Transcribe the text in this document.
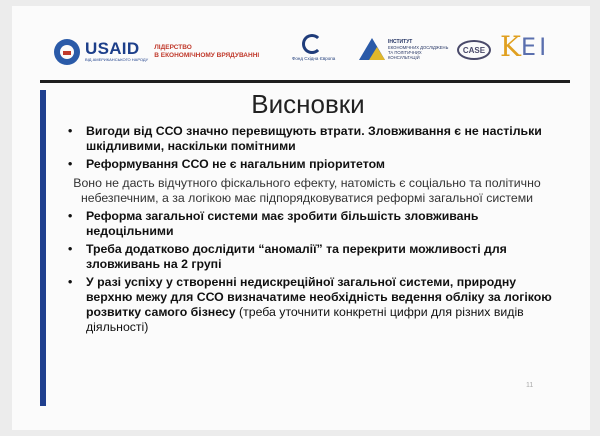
USAID
ВІД АМЕРИКАНСЬКОГО НАРОДУ
ЛІДЕРСТВО
В ЕКОНОМІЧНОМУ ВРЯДУВАННІ	Фонд Східна Європа
ІНСТИТУТ
ЕКОНОМІЧНИХ ДОСЛІДЖЕНЬ
ТА ПОЛІТИЧНИХ КОНСУЛЬТАЦІЙ
CASE K EI
Висновки
• Вигоди від ССО значно перевищують втрати. Зловживання є не настільки шкідливими, наскільки помітними
• Реформування ССО не є нагальним пріоритетом
Воно не дасть відчутного фіскального ефекту, натомість є соціально та політично небезпечним, а за логікою має підпорядковуватися реформі загальної системи
• Реформа загальної системи має зробити більшість зловживань недоцільними
• Треба додатково дослідити “аномалії” та перекрити можливості для зловживань на 2 групі
• У разі успіху у створенні недискреційної загальної системи, природну верхню межу для ССО визначатиме необхідність ведення обліку за логікою розвитку самого бізнесу (треба уточнити конкретні цифри для різних видів діяльності)
11
